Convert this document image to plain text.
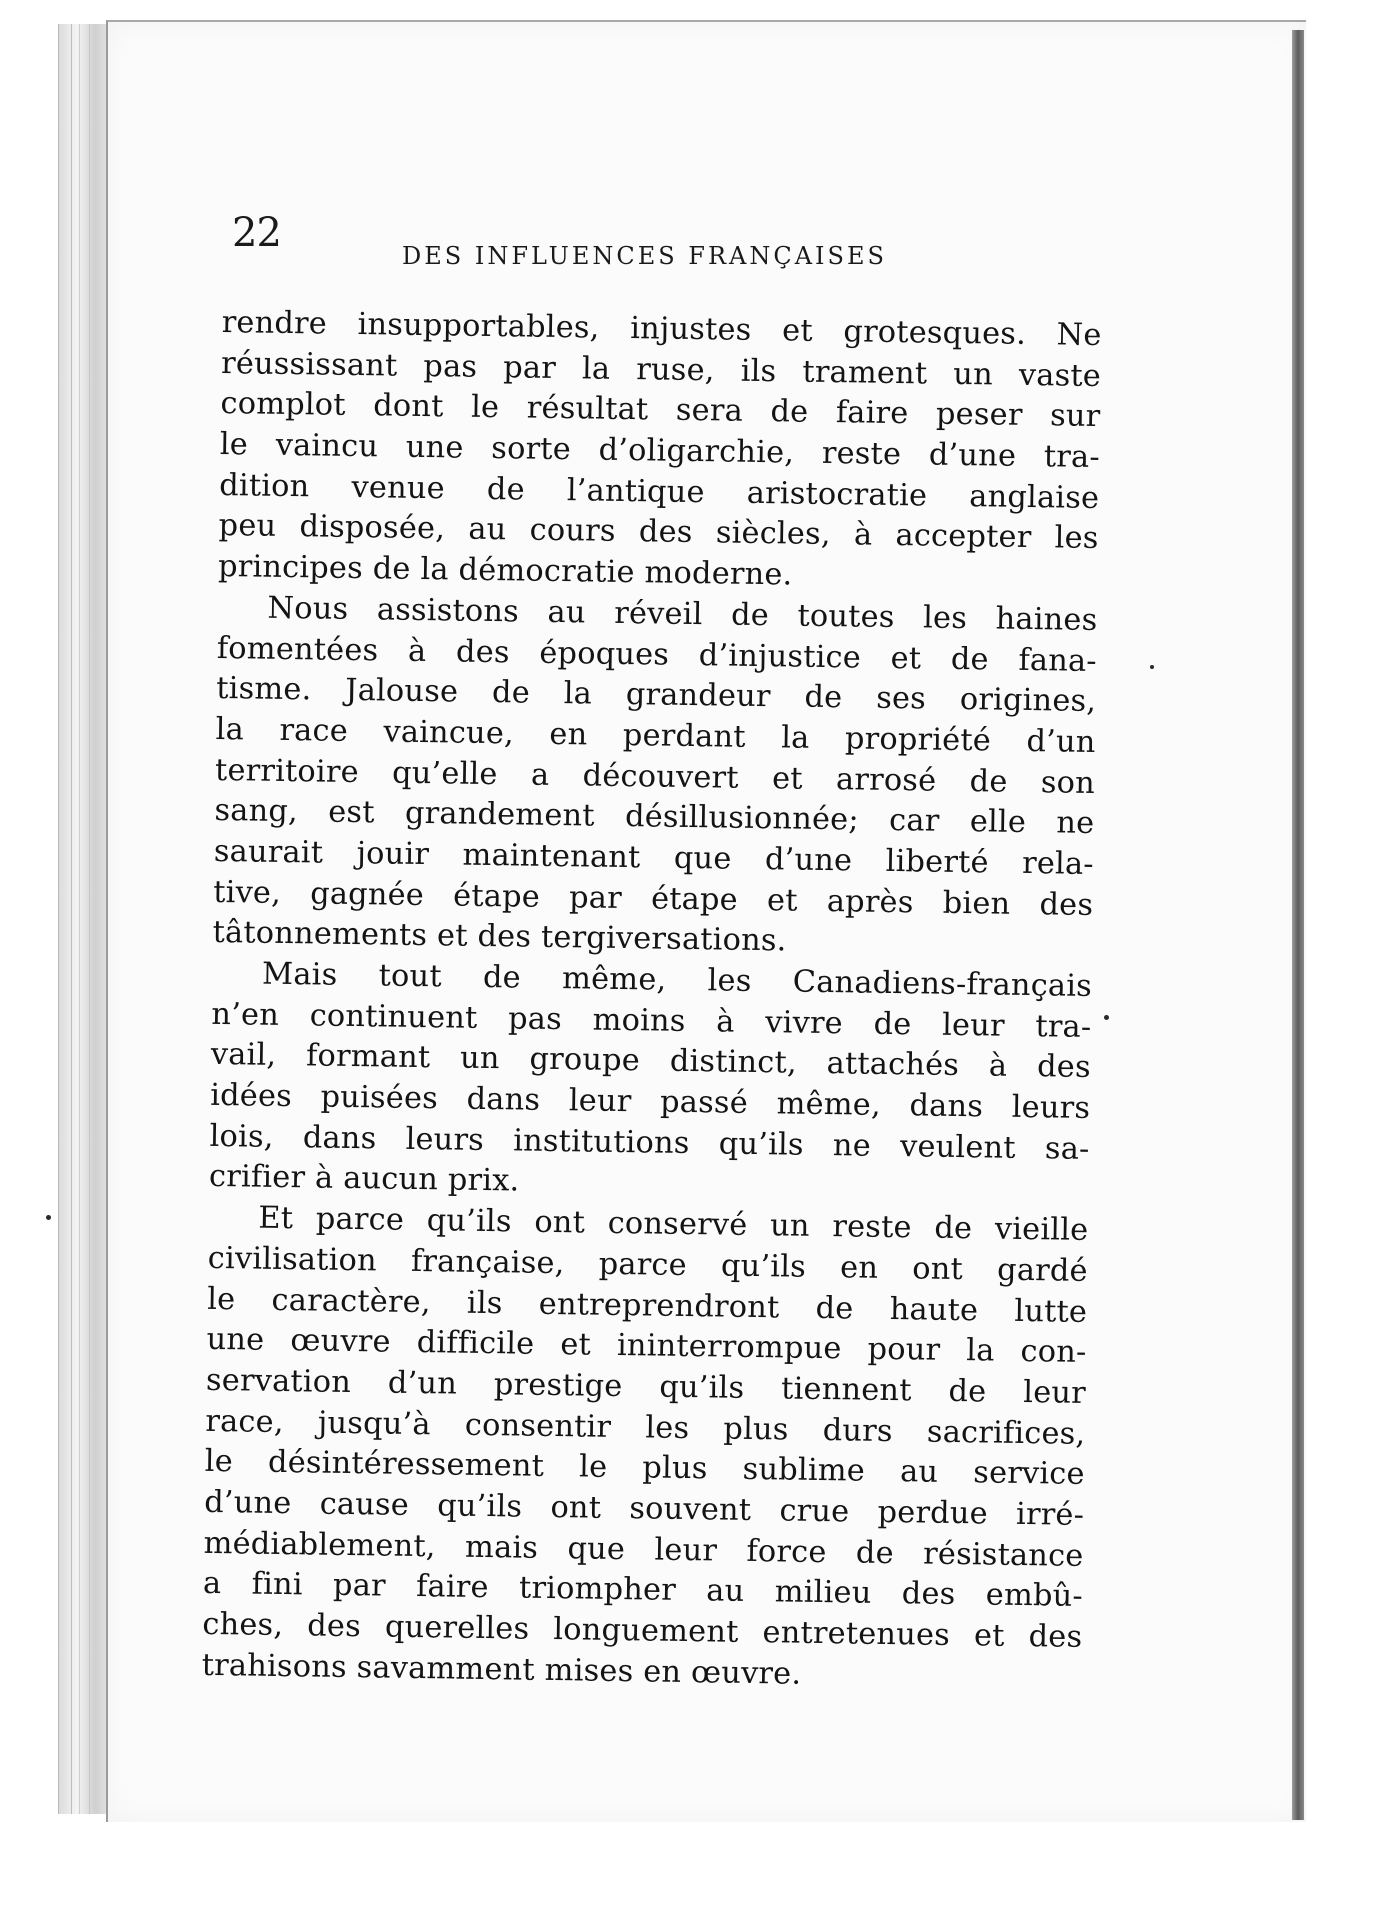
22	DES INFLUENCES FRANÇAISES
rendre insupportables, injustes et grotesques. Ne
réussissant pas par la ruse, ils trament un vaste
complot dont le résultat sera de faire peser sur
le vaincu une sorte d’oligarchie, reste d’une tra-
dition venue de l’antique aristocratie anglaise
peu disposée, au cours des siècles, à accepter les
principes de la démocratie moderne.
Nous assistons au réveil de toutes les haines
fomentées à des époques d’injustice et de fana-
tisme. Jalouse de la grandeur de ses origines,
la race vaincue, en perdant la propriété d’un
territoire qu’elle a découvert et arrosé de son
sang, est grandement désillusionnée; car elle ne
saurait jouir maintenant que d’une liberté rela-
tive, gagnée étape par étape et après bien des
tâtonnements et des tergiversations.
Mais tout de même, les Canadiens-français
n’en continuent pas moins à vivre de leur tra-
vail, formant un groupe distinct, attachés à des
idées puisées dans leur passé même, dans leurs
lois, dans leurs institutions qu’ils ne veulent sa-
crifier à aucun prix.
Et parce qu’ils ont conservé un reste de vieille
civilisation française, parce qu’ils en ont gardé
le caractère, ils entreprendront de haute lutte
une œuvre difficile et ininterrompue pour la con-
servation d’un prestige qu’ils tiennent de leur
race, jusqu’à consentir les plus durs sacrifices,
le désintéressement le plus sublime au service
d’une cause qu’ils ont souvent crue perdue irré-
médiablement, mais que leur force de résistance
a fini par faire triompher au milieu des embû-
ches, des querelles longuement entretenues et des
trahisons savamment mises en œuvre.
